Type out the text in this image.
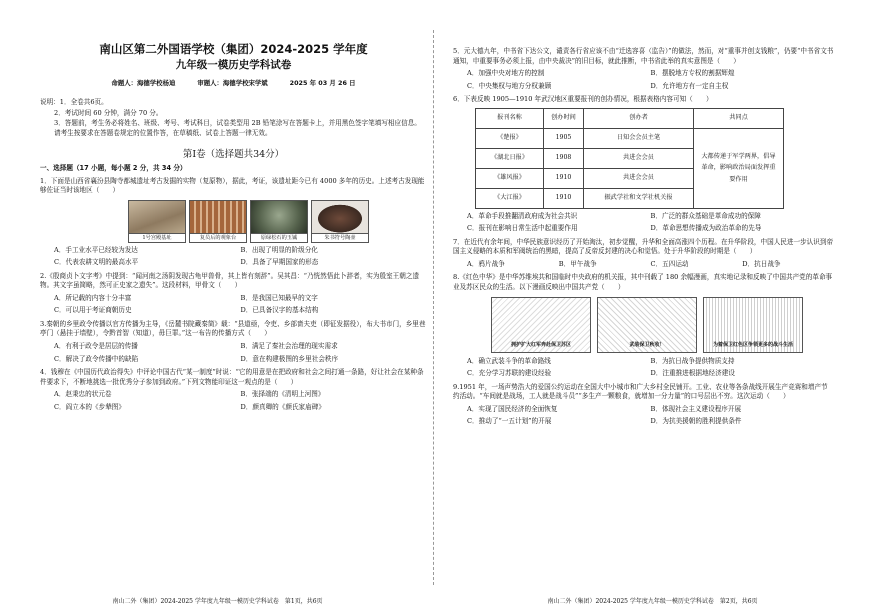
南山区第二外国语学校（集团）2024-2025 学年度
九年级一模历史学科试卷
命题人：海德学校杨迪	审题人：海德学校宋学斌	2025 年 03 月 26 日

说明：1．全卷共6页。

2．考试时间 60 分钟，满分 70 分。

3．答题前，考生务必将姓名、班级、考号、考试科目，试卷类型用 2B 铅笔涂写在答题卡上，并用黑色签字笔填写相应信息。请考生按要求在答题卷规定的位置作答，在草稿纸、试卷上答题一律无效。

第Ⅰ卷（选择题共34分）
一、选择题（17 小题，每小题 2 分，共 34 分）
1．下面是山西省襄汾县陶寺都城遗址考古发掘的实物（复原物），据此，考证，该遗址距今已有 4000 多年的历史。上述考古发现能够佐证当时该地区（　　）
1号宫殿基址	复员后的观象台	原绿松石的玉铖	朱书符号陶壶
A．手工业水平已经较为发达	B．出现了明显的阶级分化
C．代表农耕文明的最高水平	D．具备了早期国家的形态
2.《殷商贞卜文字考》中提到：“闻河南之汤阴发现古龟甲兽骨，其上皆有刻辞”。吴其昌：“乃恍然悟此卜辞者，实为殷室王朝之遗物。其文字虽简略，然可正史家之遗失”。这段材料，甲骨文（　　）
A．所记载的内容十分丰富	B．是我国已知最早的文字
C．可以用于考证商朝历史	D．已具备汉字的基本结构
3.秦朝的乡里政令传播以官方传播为主导，《岳麓书院藏秦简》载：“县道亟，令吏、乡部啬夫吏（即征发据役），布大书市门，乡里巷亭门（悬挂于墙壁），令黔首智（知道），毋巨罪。”这一布告的传播方式（　　）
A．有利于政令是居层的传播	B．满足了秦社会治理的现实需求
C．解决了政令传播中的缺陷	D．意在构建极图的乡里社会秩序
4．钱穆在《中国历代政治得失》中评论中国古代“某一制度”时说：“它的用意是在把政府和社会之间打通一条路，好让社会在某种条件要求下，不断地挑选一批优秀分子参加到政府。”下列文物能印证这一观点的是（　　）
A．赵秉忠的状元卷	B．张择端的《清明上河图》
C．阎立本的《步辇图》	D．颜真卿的《颜氏家庙碑》
南山二外（集团）2024-2025 学年度九年级一模历史学科试卷　第1页，共6页
5．元大德九年，中书省下达公文，谴责各行省应该不由“迁选容喜（监告）”的做法，然而，对“重事并创支钱粮”，仍要“中书省文书通知，申重要事务必须上报，由中央裁决”的旧目标，就此推断，中书省此举的真实意图是（　　）
A．加强中央对地方的控制	B．摆脱地方专权的割据辉煌
C．中央集权与地方分权兼顾	D．允许地方有一定自主权
6．下表反映 1905—1910 年武汉地区重要报刊的创办情况，根据表格内容可知（　　）
报刊名称	创办时间	创办者	共同点
《楚报》	1905	日知会会员主笔	大都传递于军学两界，倡导革命，影响政治局面发挥重要作用
《湖北日报》	1908	共进会会员	
《雄风报》	1910	共进会会员	
《大江报》	1910	振武学社和文学社机关报	
A．革命手段推翻清政府成为社会共识	B．广泛的群众基础是革命成功的保障
C．报刊在影响日常生活中起重要作用	D．革命思想传播成为政治革命的先导
7．在近代有余年间，中华民族意识经历了开始淘汰，初步觉醒，升华和全面高涨四个历程。在升华阶段，中国人民进一步认识到帝国主义侵略的本质和军阀统治的黑暗，提高了反帝反封建的决心和觉悟。处于升华阶段的时期是（　　）
A．鸦片战争	B．甲午战争	C．五四运动	D．抗日战争
8.《红色中华》是中华苏维埃共和国临时中央政府的机关报，其中刊载了 180 余幅漫画，真实地记录和反映了中国共产党的革命事业及苏区民众的生活。以下漫画反映出中国共产党（　　）
拥护扩大红军奔赴保卫苏区	武装保卫秋收！	为着保卫红色区争领更多的战斗生活
A．确立武装斗争的革命路线	B．为抗日战争提供物质支持
C．充分学习苏联的建设经验	D．注重推进根据地经济建设
9.1951 年，一场声势浩大的爱国公约运动在全国大中小城市和广大乡村全民铺开。工业、农业等各条战线开展生产竞赛和增产节约活动。“车间就是战场，工人就是战斗员”“多生产一颗粮食，就增加一分力量”的口号层出不穷。这次运动（　　）
A．实现了国民经济的全面恢复	B．体现社会主义建设程序开展
C．推动了“一五计划”的开展	D．为抗美援朝的胜利提供条件
南山二外（集团）2024-2025 学年度九年级一模历史学科试卷　第2页，共6页
